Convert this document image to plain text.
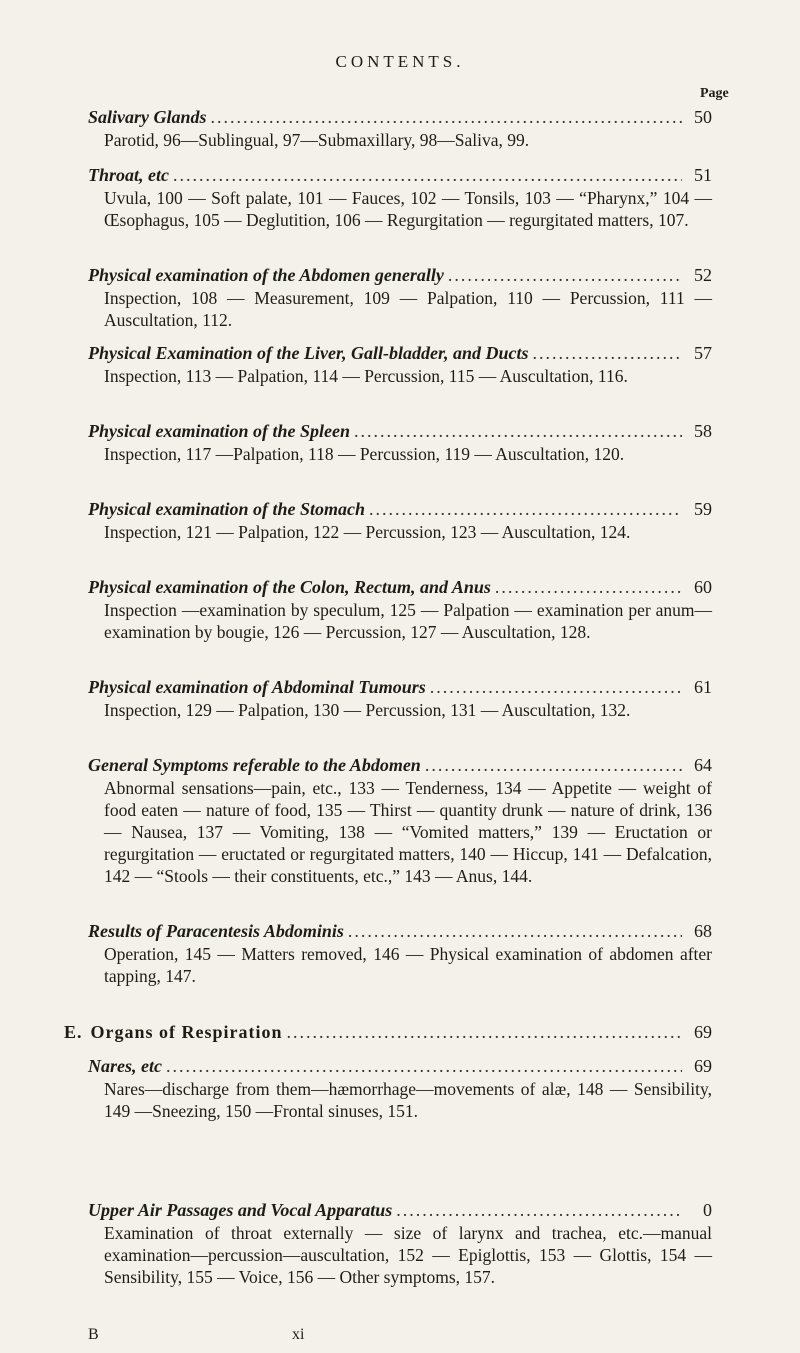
CONTENTS.
Page
Salivary Glands .....	50
Parotid, 96—Sublingual, 97—Submaxillary, 98—Saliva, 99.
Throat, etc .....	51
Uvula, 100 — Soft palate, 101 — Fauces, 102 — Tonsils, 103 — “Pharynx,” 104 — Œsophagus, 105 — Deglutition, 106 — Regurgitation — regurgitated matters, 107.
Physical examination of the Abdomen generally .....	52
Inspection, 108 — Measurement, 109 — Palpation, 110 — Percussion, 111 — Auscultation, 112.
Physical Examination of the Liver, Gall-bladder, and Ducts .....	57
Inspection, 113 — Palpation, 114 — Percussion, 115 — Auscultation, 116.
Physical examination of the Spleen .....	58
Inspection, 117 —Palpation, 118 — Percussion, 119 — Auscultation, 120.
Physical examination of the Stomach .....	59
Inspection, 121 — Palpation, 122 — Percussion, 123 — Auscultation, 124.
Physical examination of the Colon, Rectum, and Anus .....	60
Inspection —examination by speculum, 125 — Palpation — examination per anum—examination by bougie, 126 — Percussion, 127 — Auscultation, 128.
Physical examination of Abdominal Tumours .....	61
Inspection, 129 — Palpation, 130 — Percussion, 131 — Auscultation, 132.
General Symptoms referable to the Abdomen .....	64
Abnormal sensations—pain, etc., 133 — Tenderness, 134 — Appetite — weight of food eaten — nature of food, 135 — Thirst — quantity drunk — nature of drink, 136 — Nausea, 137 — Vomiting, 138 — “Vomited matters,” 139 — Eructation or regurgitation — eructated or regurgitated matters, 140 — Hiccup, 141 — Defalcation, 142 — “Stools — their constituents, etc.,” 143 — Anus, 144.
Results of Paracentesis Abdominis .....	68
Operation, 145 — Matters removed, 146 — Physical examination of abdomen after tapping, 147.
E. Organs of Respiration .....	69
Nares, etc .....	69
Nares—discharge from them—hæmorrhage—movements of alæ, 148 — Sensibility, 149 —Sneezing, 150 —Frontal sinuses, 151.
Upper Air Passages and Vocal Apparatus .....	0
Examination of throat externally — size of larynx and trachea, etc.—manual examination—percussion—auscultation, 152 — Epiglottis, 153 — Glottis, 154 — Sensibility, 155 — Voice, 156 — Other symptoms, 157.
B	xi
